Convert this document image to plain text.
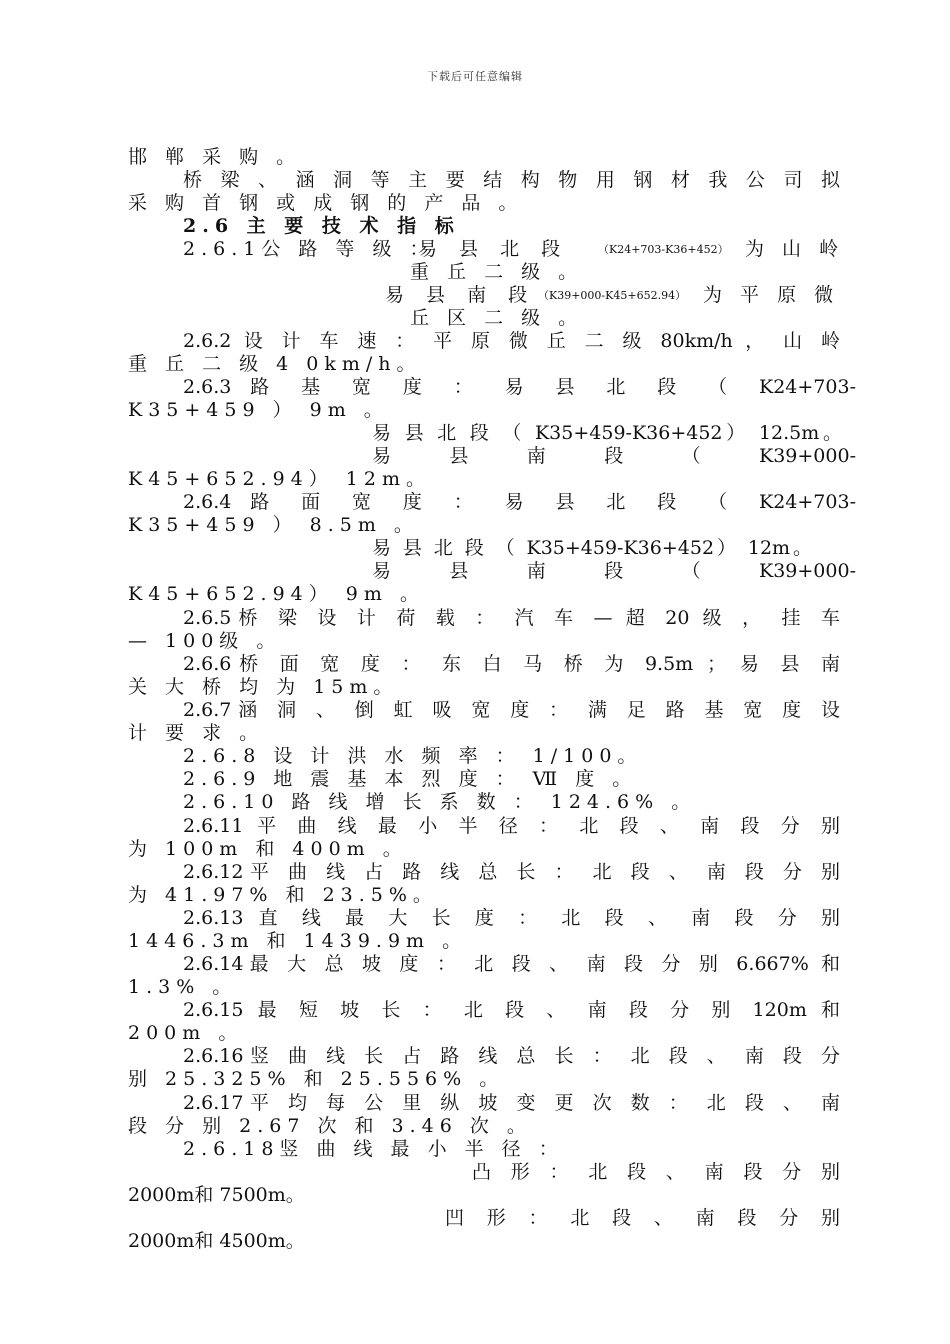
下载后可任意编辑
邯 郸 采 购 。
桥 梁 、 涵 洞 等 主 要 结 构 物 用 钢 材 我 公 司 拟
采 购 首 钢 或 成 钢 的 产 品 。
2.6 主 要 技 术 指 标
2.6.1公 路 等 级 ：
易 县 北 段	（K24+703-K36+452） 为 山 岭
重 丘 二 级 。
易 县 南 段 （K39+000-K45+652.94） 为 平 原 微
丘 区 二 级 。
2.6.2 设 计 车 速 ： 平 原 微 丘 二 级 80km/h ， 山 岭
重 丘 二 级 4 0km/h。
2.6.3 路 基 宽 度 ： 易 县 北 段 （ K24+703-
K35+459 ） 9m 。
易 县 北 段 （ K35+459-K36+452） 12.5m。
易 县 南 段 （ K39+000-
K45+652.94） 12m。
2.6.4 路 面 宽 度 ： 易 县 北 段 （ K24+703-
K35+459 ） 8.5m 。
易 县 北 段 （ K35+459-K36+452） 12m。
易 县 南 段 （ K39+000-
K45+652.94） 9m 。
2.6.5桥 梁 设 计 荷 载 ： 汽 车 — 超 20 级 ， 挂 车
— 100级 。
2.6.6桥 面 宽 度 ： 东 白 马 桥 为 9.5m ； 易 县 南
关 大 桥 均 为 15m。
2.6.7涵 洞 、 倒 虹 吸 宽 度 ： 满 足 路 基 宽 度 设
计 要 求 。
2.6.8 设 计 洪 水 频 率 ： 1/100。
2.6.9 地 震 基 本 烈 度 ： Ⅶ 度 。
2.6.10 路 线 增 长 系 数 ： 124.6% 。
2.6.11 平 曲 线 最 小 半 径 ： 北 段 、 南 段 分 别
为 100m 和 400m 。
2.6.12平 曲 线 占 路 线 总 长 ： 北 段 、 南 段 分 别
为 41.97% 和 23.5%。
2.6.13 直 线 最 大 长 度 ： 北 段 、 南 段 分 别
1446.3m 和 1439.9m 。
2.6.14最 大 总 坡 度 ： 北 段 、 南 段 分 别 6.667% 和
1.3% 。
2.6.15 最 短 坡 长 ： 北 段 、 南 段 分 别 120m 和
200m 。
2.6.16竖 曲 线 长 占 路 线 总 长 ： 北 段 、 南 段 分
别 25.325% 和 25.556% 。
2.6.17平 均 每 公 里 纵 坡 变 更 次 数 ： 北 段 、 南
段 分 别 2.67 次 和 3.46 次 。
2.6.18竖 曲 线 最 小 半 径 ：
凸 形 ： 北 段 、 南 段 分 别
2000m和 7500m。
凹 形 ： 北 段 、 南 段 分 别
2000m和 4500m。
